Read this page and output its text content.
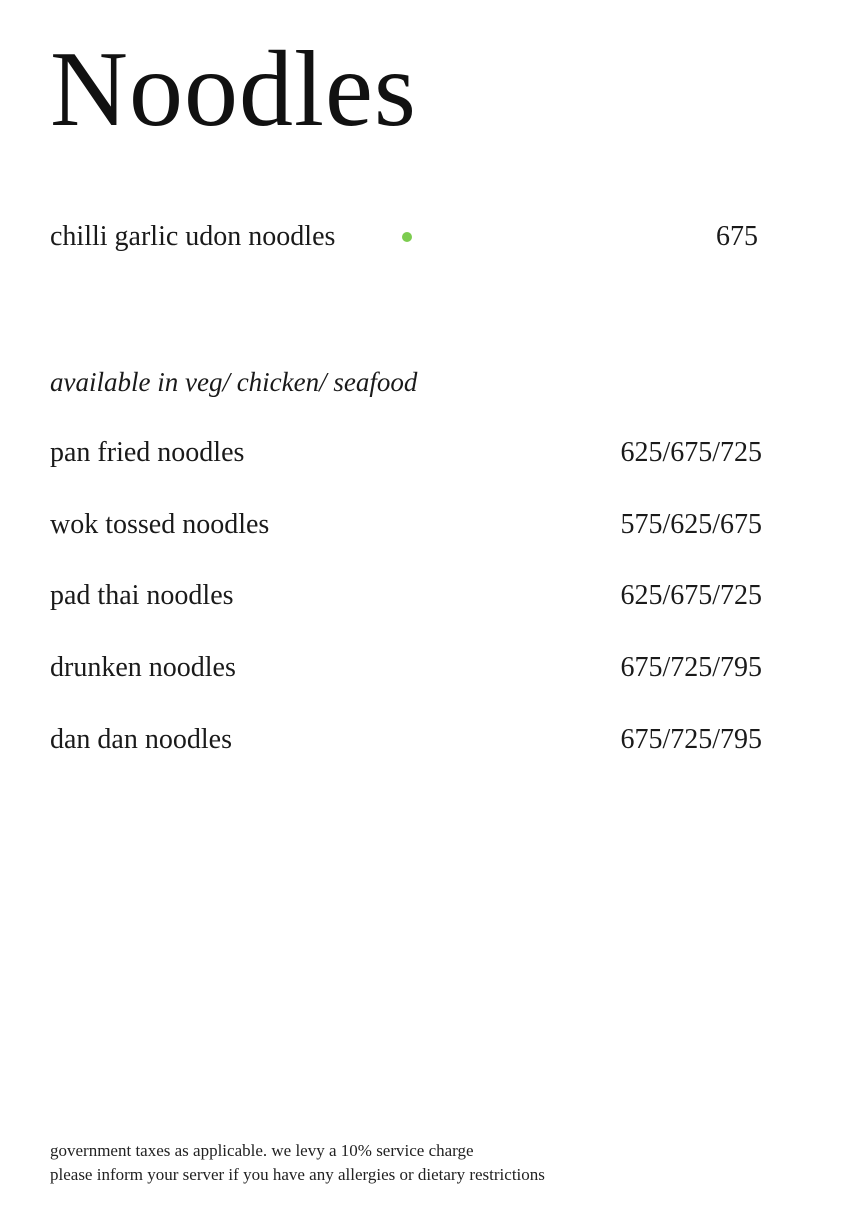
Noodles
chilli garlic udon noodles	675
available in veg/ chicken/ seafood
pan fried noodles	625/675/725
wok tossed noodles	575/625/675
pad thai noodles	625/675/725
drunken noodles	675/725/795
dan dan noodles	675/725/795
government taxes as applicable. we levy a 10% service charge
please inform your server if you have any allergies or dietary restrictions
